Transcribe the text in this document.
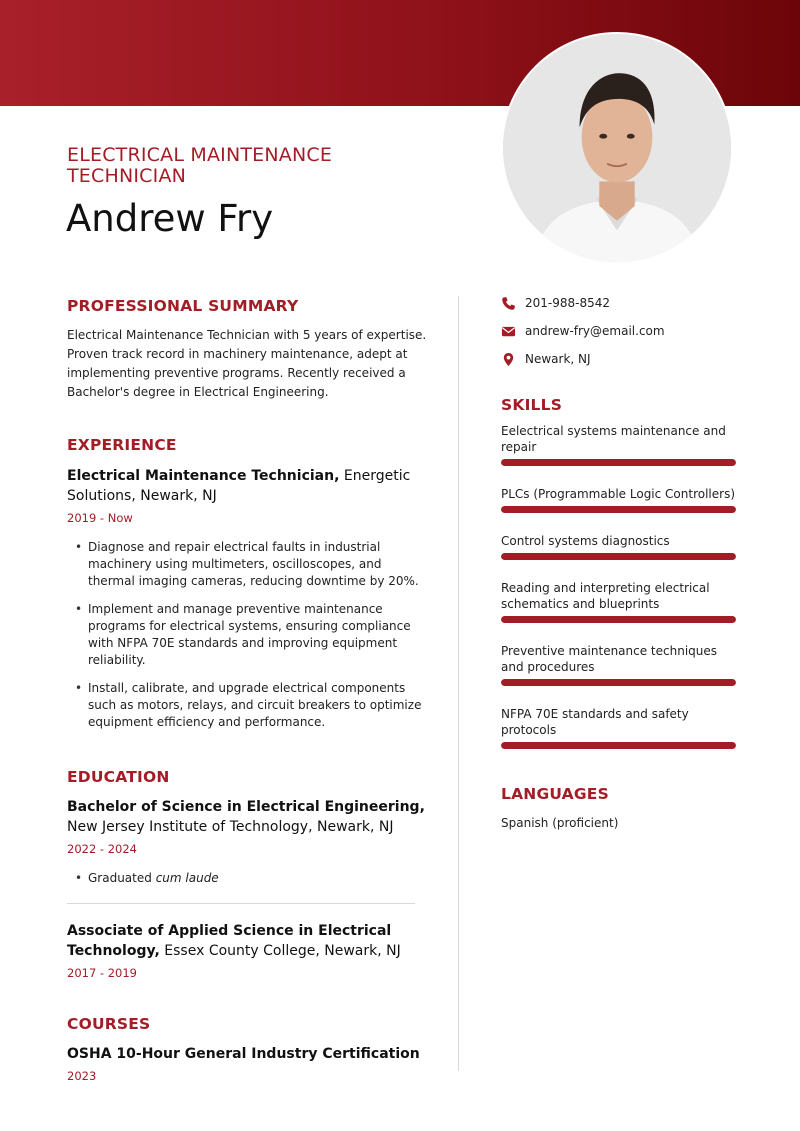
ELECTRICAL MAINTENANCE TECHNICIAN
Andrew Fry
PROFESSIONAL SUMMARY
Electrical Maintenance Technician with 5 years of expertise. Proven track record in machinery maintenance, adept at implementing preventive programs. Recently received a Bachelor's degree in Electrical Engineering.
EXPERIENCE
Electrical Maintenance Technician, Energetic Solutions, Newark, NJ
2019 - Now
• Diagnose and repair electrical faults in industrial machinery using multimeters, oscilloscopes, and thermal imaging cameras, reducing downtime by 20%.
• Implement and manage preventive maintenance programs for electrical systems, ensuring compliance with NFPA 70E standards and improving equipment reliability.
• Install, calibrate, and upgrade electrical components such as motors, relays, and circuit breakers to optimize equipment efficiency and performance.
EDUCATION
Bachelor of Science in Electrical Engineering, New Jersey Institute of Technology, Newark, NJ
2022 - 2024
• Graduated cum laude
Associate of Applied Science in Electrical Technology, Essex County College, Newark, NJ
2017 - 2019
COURSES
OSHA 10-Hour General Industry Certification
2023
201-988-8542
andrew-fry@email.com
Newark, NJ
SKILLS
Eelectrical systems maintenance and repair
PLCs (Programmable Logic Controllers)
Control systems diagnostics
Reading and interpreting electrical schematics and blueprints
Preventive maintenance techniques and procedures
NFPA 70E standards and safety protocols
LANGUAGES
Spanish (proficient)
